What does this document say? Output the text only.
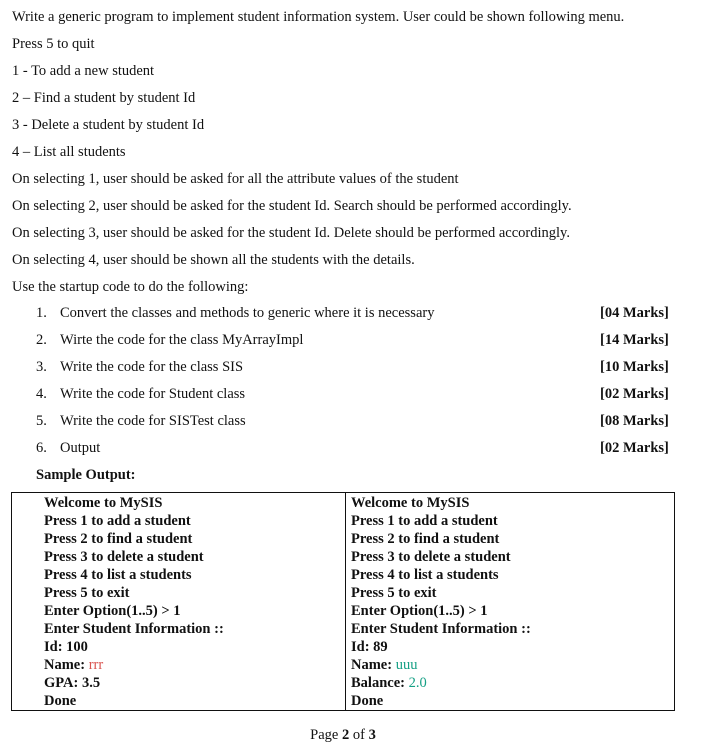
Write a generic program to implement student information system. User could be shown following menu.
Press 5 to quit
1 - To add a new student
2 – Find a student by student Id
3 - Delete a student by student Id
4 – List all students
On selecting 1, user should be asked for all the attribute values of the student
On selecting 2, user should be asked for the student Id. Search should be performed accordingly.
On selecting 3, user should be asked for the student Id. Delete should be performed accordingly.
On selecting 4, user should be shown all the students with the details.
Use the startup code to do the following:
1. Convert the classes and methods to generic where it is necessary	[04 Marks]
2. Wirte the code for the class MyArrayImpl	[14 Marks]
3. Write the code for the class SIS	[10 Marks]
4. Write the code for Student class	[02 Marks]
5. Write the code for SISTest class	[08 Marks]
6. Output	[02 Marks]
Sample Output:
Welcome to MySIS
Press 1 to add a student
Press 2 to find a student
Press 3 to delete a student
Press 4 to list a students
Press 5 to exit
Enter Option(1..5) > 1
Enter Student Information ::
Id: 100
Name: rrr
GPA: 3.5
Done
Welcome to MySIS
Press 1 to add a student
Press 2 to find a student
Press 3 to delete a student
Press 4 to list a students
Press 5 to exit
Enter Option(1..5) > 1
Enter Student Information ::
Id: 89
Name: uuu
Balance: 2.0
Done
Page 2 of 3
